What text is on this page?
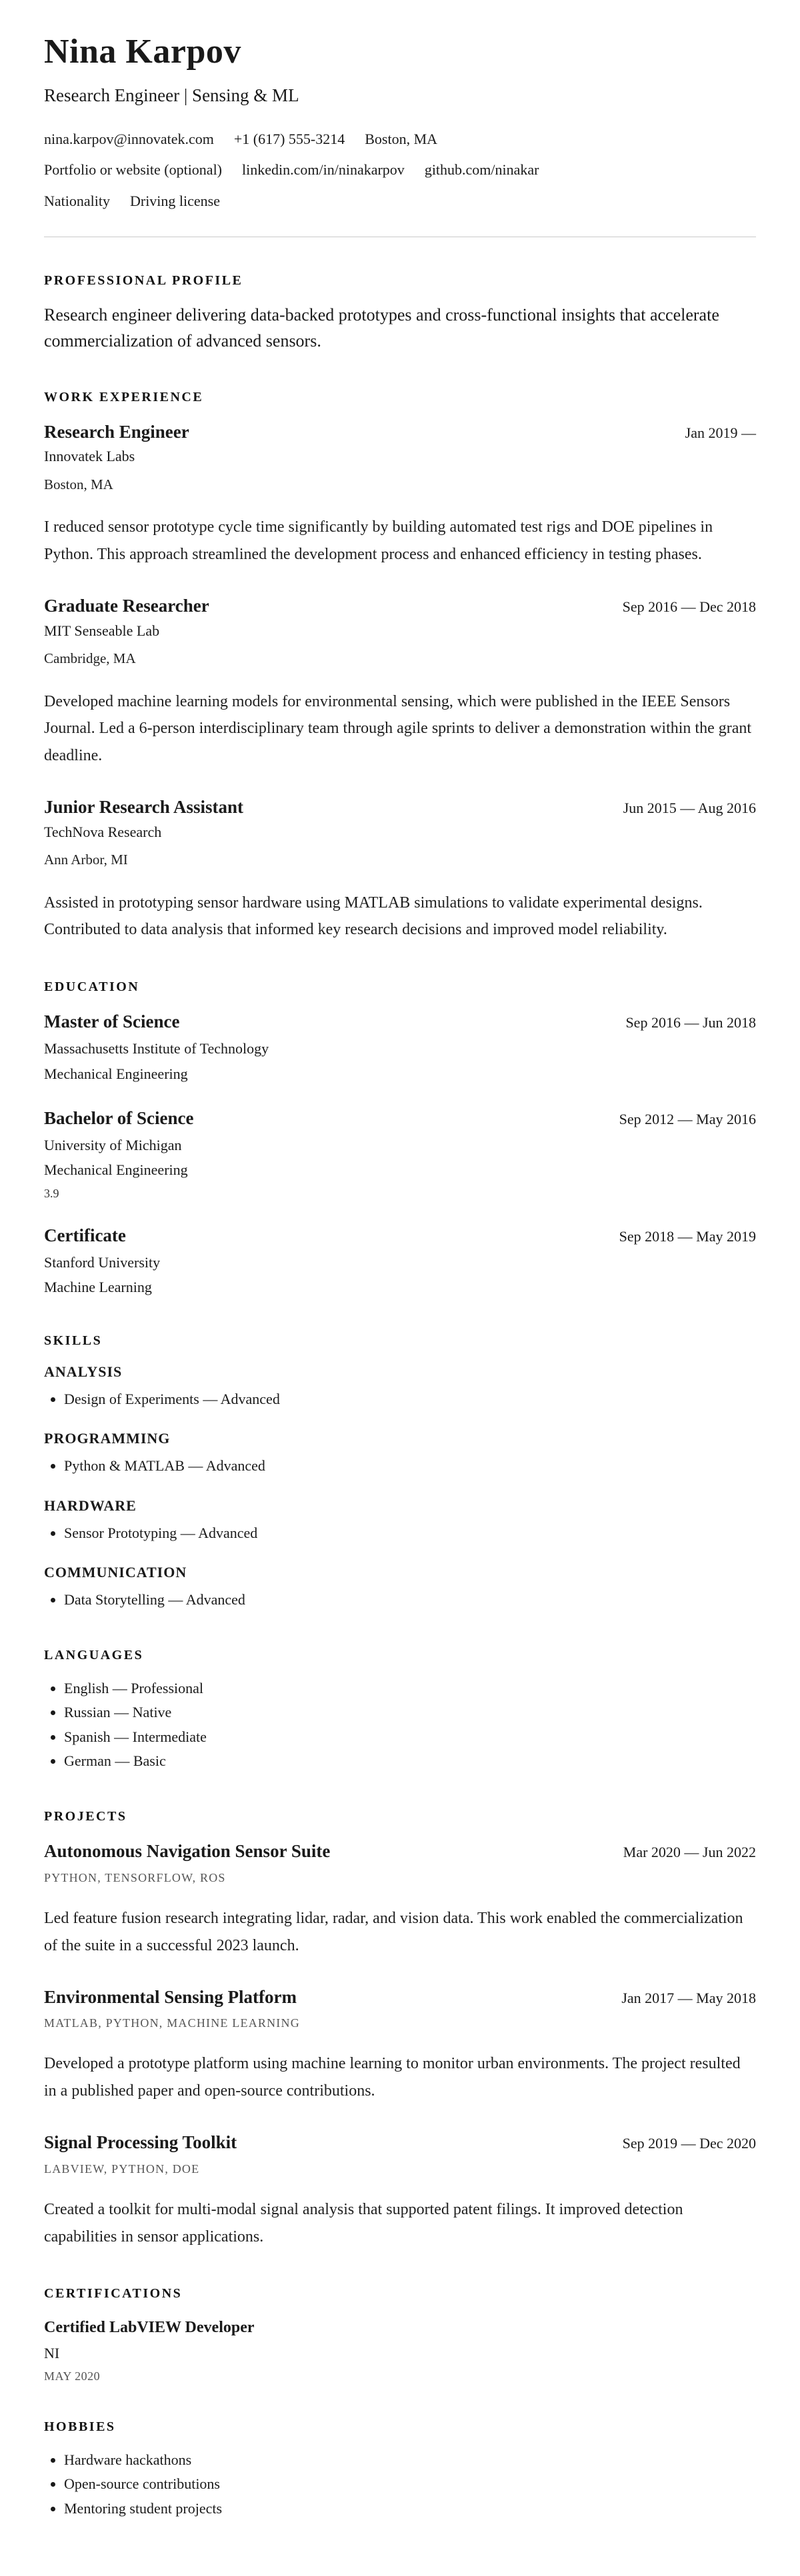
Nina Karpov
Research Engineer | Sensing & ML
nina.karpov@innovatek.com +1 (617) 555-3214 Boston, MA
Portfolio or website (optional) linkedin.com/in/ninakarpov github.com/ninakar
Nationality Driving license
PROFESSIONAL PROFILE

Research engineer delivering data-backed prototypes and cross-functional insights that accelerate commercialization of advanced sensors.

WORK EXPERIENCE
Research Engineer	Jan 2019 —
Innovatek Labs
Boston, MA

I reduced sensor prototype cycle time significantly by building automated test rigs and DOE pipelines in Python. This approach streamlined the development process and enhanced efficiency in testing phases.

Graduate Researcher	Sep 2016 — Dec 2018
MIT Senseable Lab
Cambridge, MA

Developed machine learning models for environmental sensing, which were published in the IEEE Sensors Journal. Led a 6-person interdisciplinary team through agile sprints to deliver a demonstration within the grant deadline.

Junior Research Assistant	Jun 2015 — Aug 2016
TechNova Research
Ann Arbor, MI

Assisted in prototyping sensor hardware using MATLAB simulations to validate experimental designs. Contributed to data analysis that informed key research decisions and improved model reliability.

EDUCATION
Master of Science	Sep 2016 — Jun 2018
Massachusetts Institute of Technology
Mechanical Engineering
Bachelor of Science	Sep 2012 — May 2016
University of Michigan
Mechanical Engineering
3.9
Certificate	Sep 2018 — May 2019
Stanford University
Machine Learning
SKILLS
ANALYSIS
• Design of Experiments — Advanced
PROGRAMMING
• Python & MATLAB — Advanced
HARDWARE
• Sensor Prototyping — Advanced
COMMUNICATION
• Data Storytelling — Advanced
LANGUAGES
• English — Professional
• Russian — Native
• Spanish — Intermediate
• German — Basic
PROJECTS
Autonomous Navigation Sensor Suite	Mar 2020 — Jun 2022
PYTHON, TENSORFLOW, ROS

Led feature fusion research integrating lidar, radar, and vision data. This work enabled the commercialization of the suite in a successful 2023 launch.

Environmental Sensing Platform	Jan 2017 — May 2018
MATLAB, PYTHON, MACHINE LEARNING

Developed a prototype platform using machine learning to monitor urban environments. The project resulted in a published paper and open-source contributions.

Signal Processing Toolkit	Sep 2019 — Dec 2020
LABVIEW, PYTHON, DOE

Created a toolkit for multi-modal signal analysis that supported patent filings. It improved detection capabilities in sensor applications.

CERTIFICATIONS
Certified LabVIEW Developer
NI
MAY 2020
HOBBIES
• Hardware hackathons
• Open-source contributions
• Mentoring student projects
